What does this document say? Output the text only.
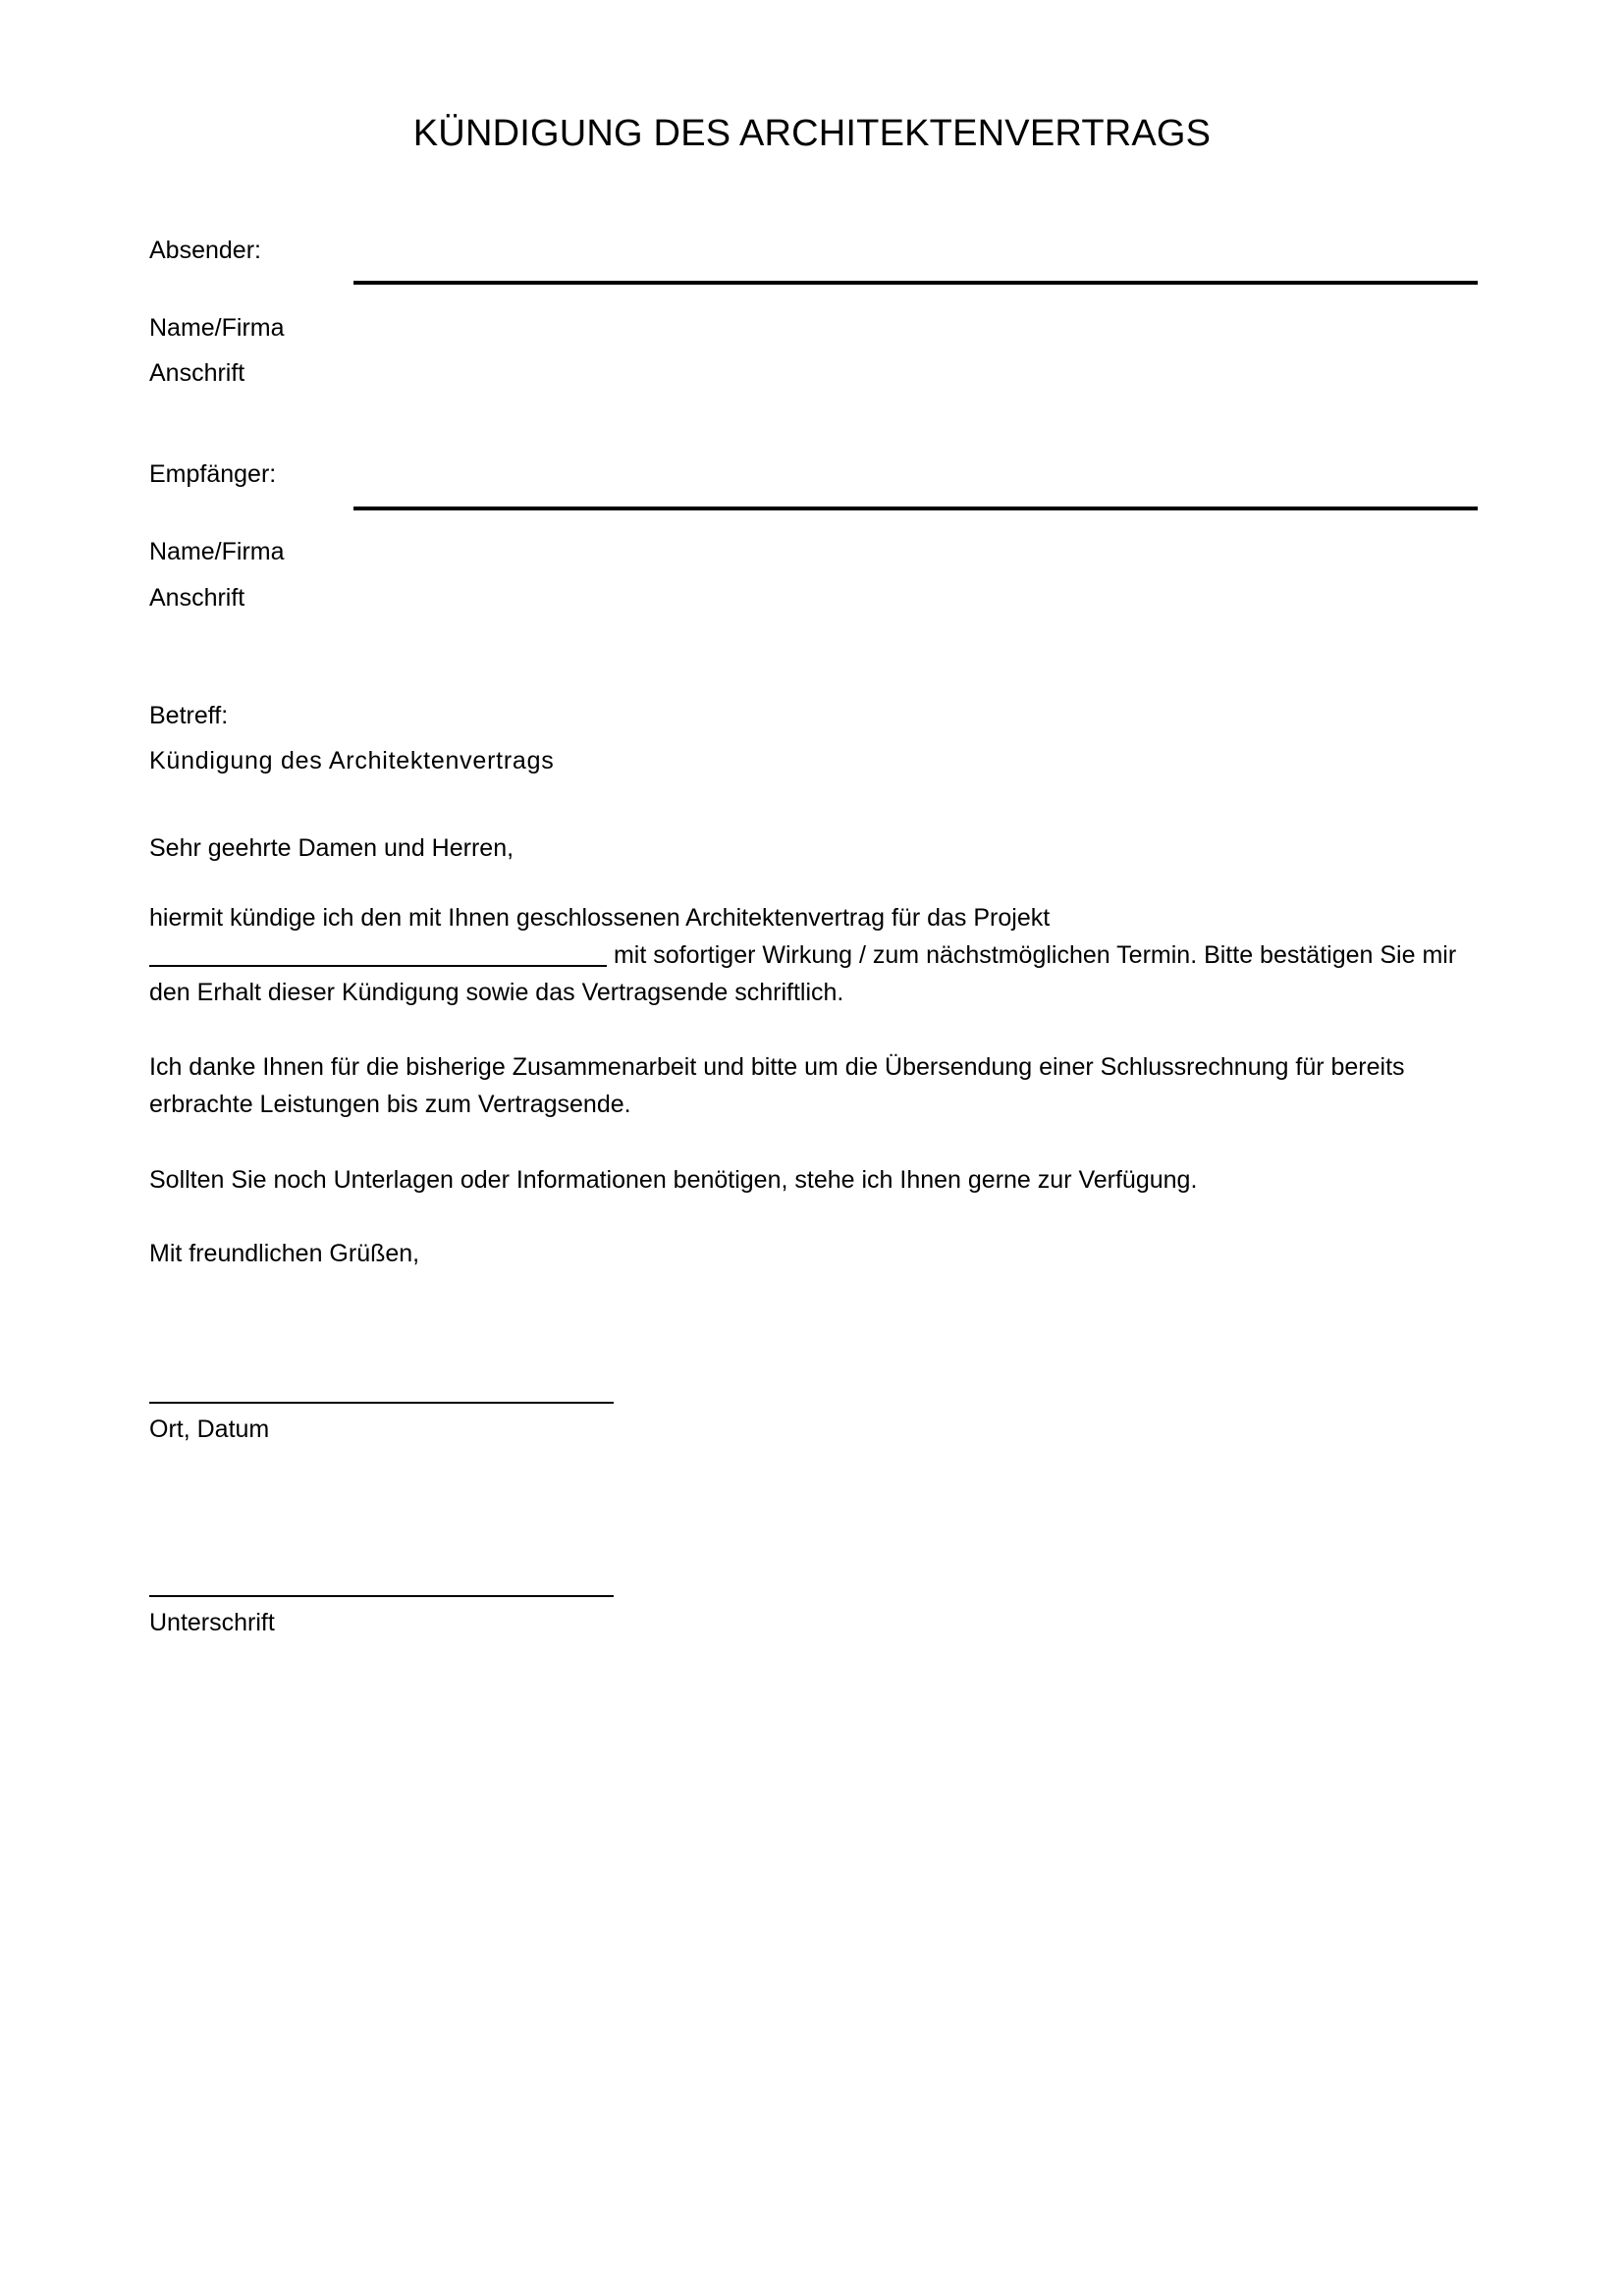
KÜNDIGUNG DES ARCHITEKTENVERTRAGS
Absender:
Name/Firma
Anschrift
Empfänger:
Name/Firma
Anschrift
Betreff:
Kündigung des Architektenvertrags

Sehr geehrte Damen und Herren,

hiermit kündige ich den mit Ihnen geschlossenen Architektenvertrag für das Projekt
mit sofortiger Wirkung / zum nächstmöglichen Termin. Bitte bestätigen Sie mir den Erhalt dieser Kündigung sowie das Vertragsende schriftlich.

Ich danke Ihnen für die bisherige Zusammenarbeit und bitte um die Übersendung einer Schlussrechnung für bereits erbrachte Leistungen bis zum Vertragsende.

Sollten Sie noch Unterlagen oder Informationen benötigen, stehe ich Ihnen gerne zur Verfügung.

Mit freundlichen Grüßen,

Ort, Datum
Unterschrift
